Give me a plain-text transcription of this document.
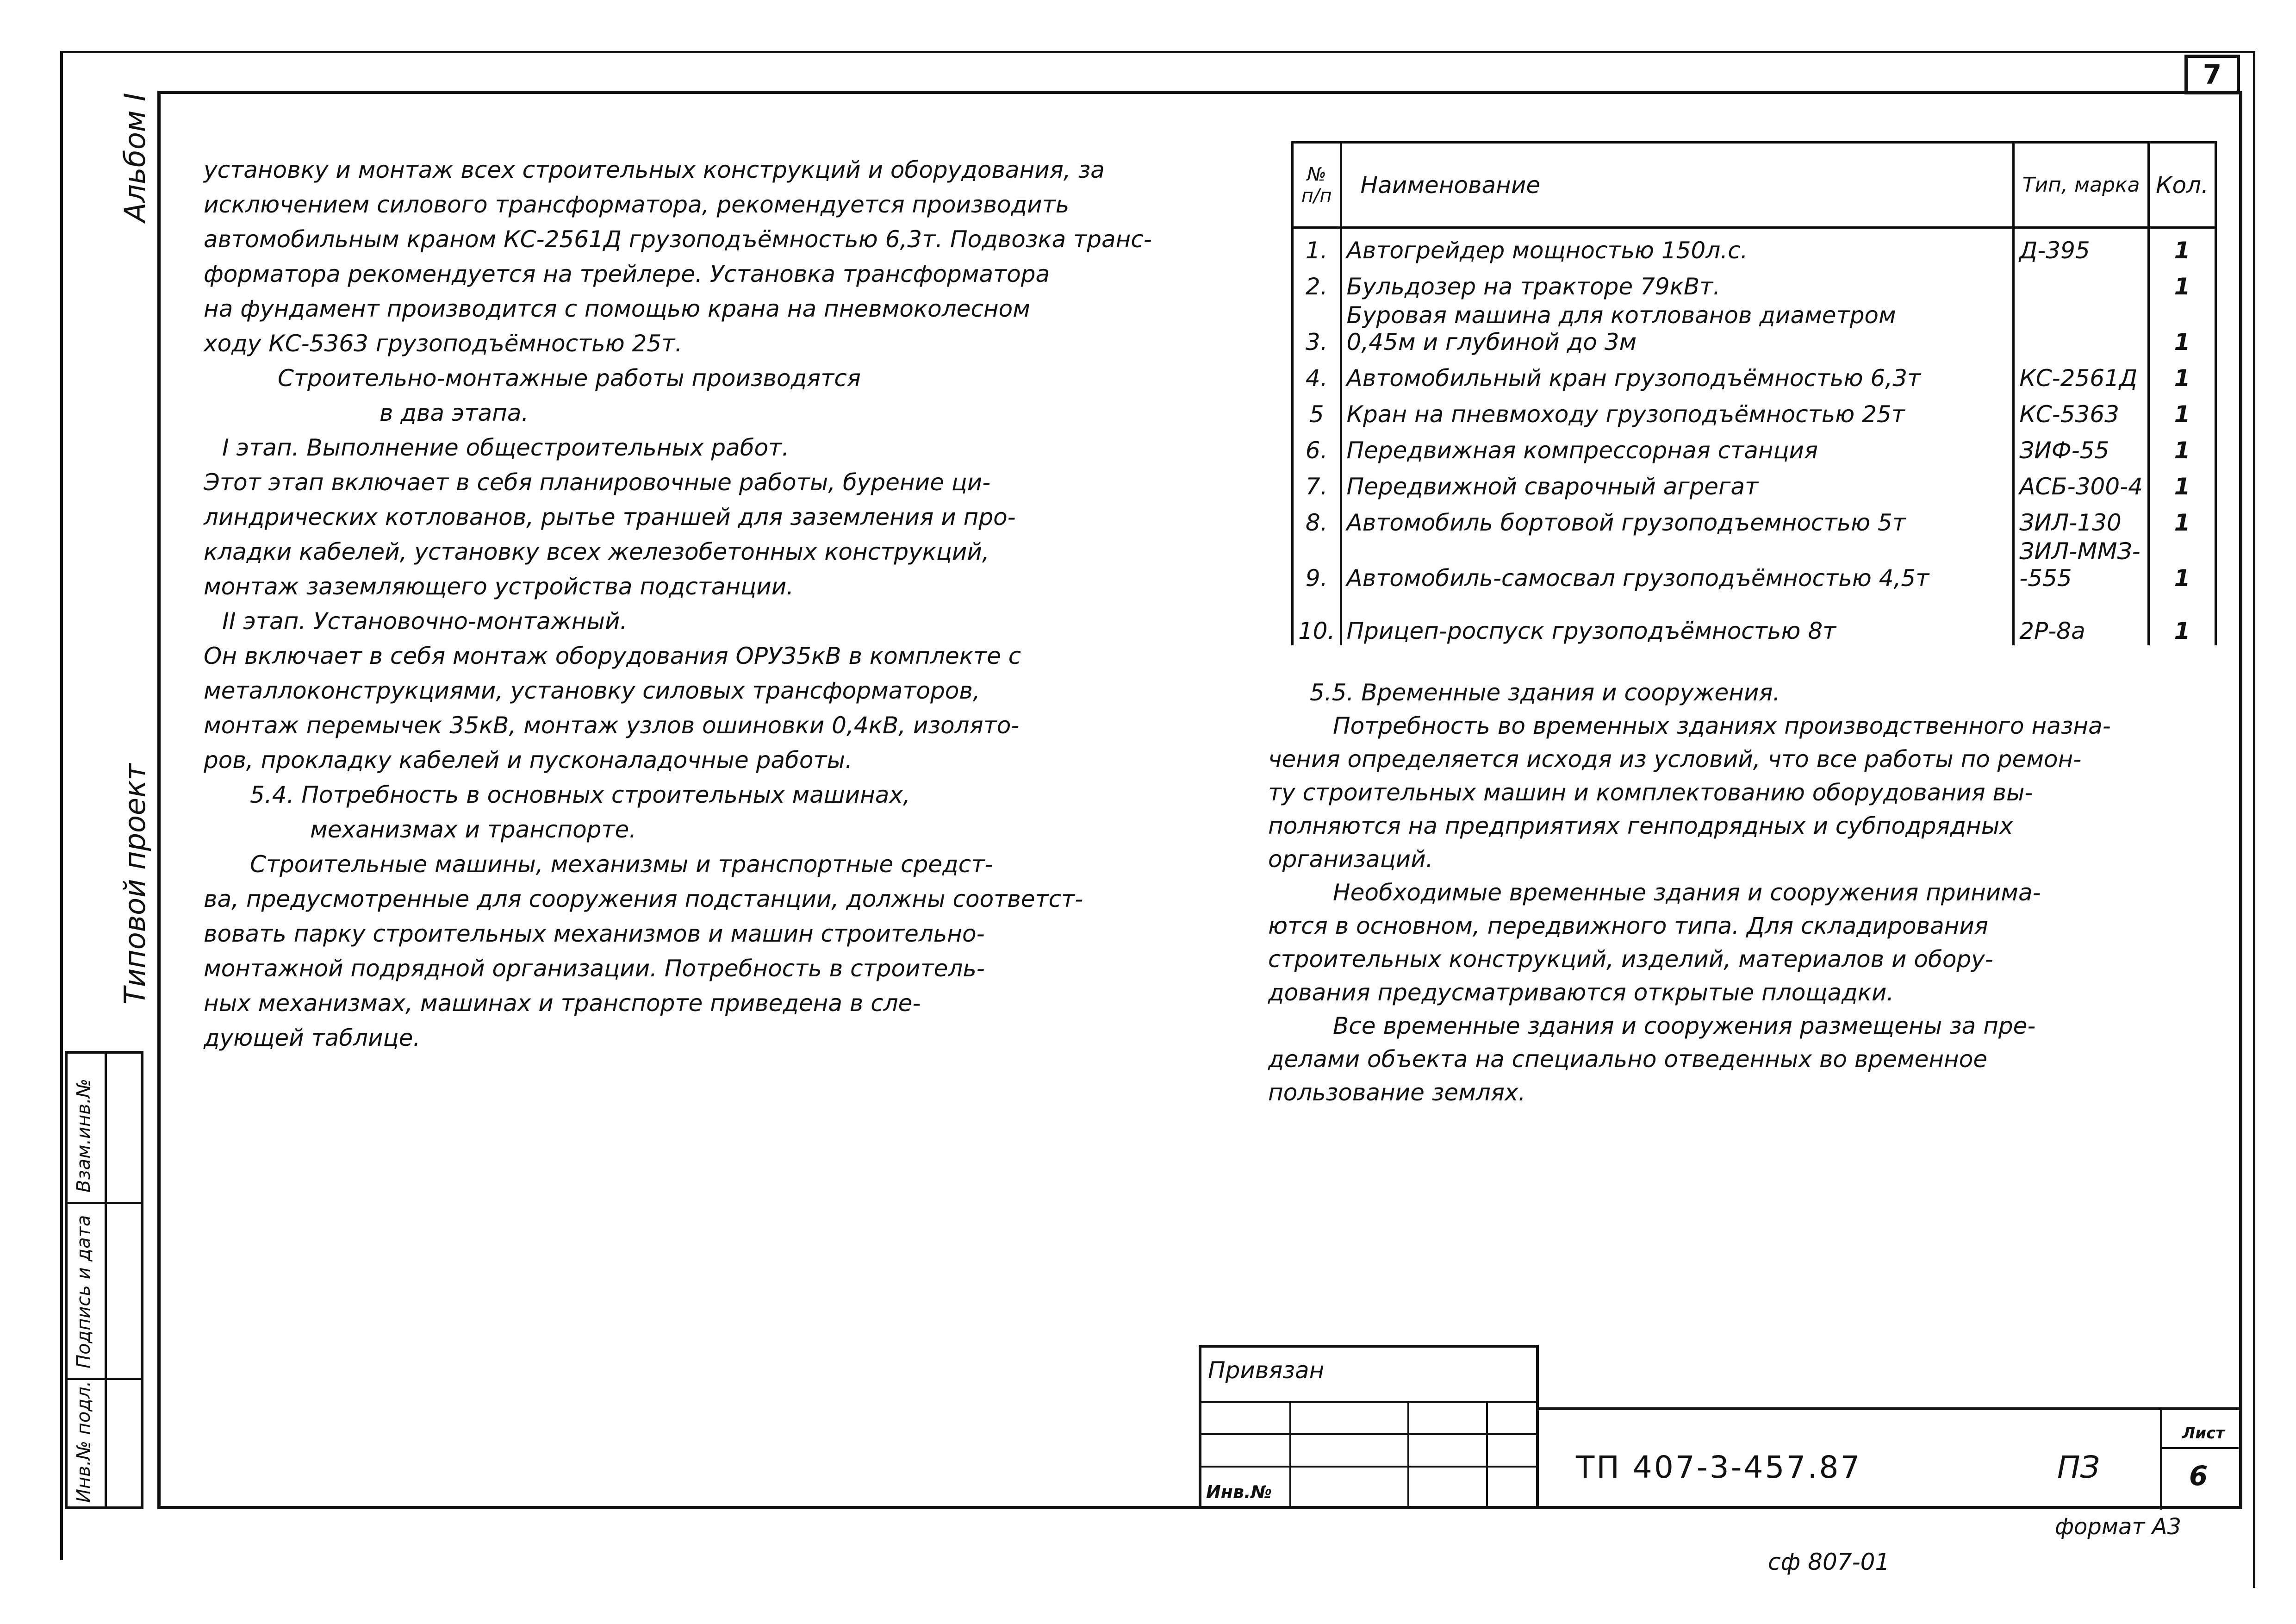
7
Альбом I
Типовой проект
Взам.инв.№
Подпись и дата
Инв.№ подл.

установку и монтаж всех строительных конструкций и оборудования, за

исключением силового трансформатора, рекомендуется производить

автомобильным краном КС-2561Д грузоподъёмностью 6,3т. Подвозка транс-

форматора рекомендуется на трейлере. Установка трансформатора

на фундамент производится с помощью крана на пневмоколесном

ходу КС-5363 грузоподъёмностью 25т.

Строительно-монтажные работы производятся

в два этапа.

I этап. Выполнение общестроительных работ.

Этот этап включает в себя планировочные работы, бурение ци-

линдрических котлованов, рытье траншей для заземления и про-

кладки кабелей, установку всех железобетонных конструкций,

монтаж заземляющего устройства подстанции.

II этап. Установочно-монтажный.

Он включает в себя монтаж оборудования ОРУ35кВ в комплекте с

металлоконструкциями, установку силовых трансформаторов,

монтаж перемычек 35кВ, монтаж узлов ошиновки 0,4кВ, изолято-

ров, прокладку кабелей и пусконаладочные работы.

5.4. Потребность в основных строительных машинах,

механизмах и транспорте.

Строительные машины, механизмы и транспортные средст-

ва, предусмотренные для сооружения подстанции, должны соответст-

вовать парку строительных механизмов и машин строительно-

монтажной подрядной организации. Потребность в строитель-

ных механизмах, машинах и транспорте приведена в сле-

дующей таблице.

№ п/п	Наименование	Тип, марка	Кол.
1.	Автогрейдер мощностью 150л.с.	Д-395	1
2.	Бульдозер на тракторе 79кВт.		1
3.	Буровая машина для котлованов диаметром
0,45м и глубиной до 3м		1
4.	Автомобильный кран грузоподъёмностью 6,3т	КС-2561Д	1
5	Кран на пневмоходу грузоподъёмностью 25т	КС-5363	1
6.	Передвижная компрессорная станция	ЗИФ-55	1
7.	Передвижной сварочный агрегат	АСБ-300-4	1
8.	Автомобиль бортовой грузоподъемностью 5т	ЗИЛ-130	1
9.	Автомобиль-самосвал грузоподъёмностью 4,5т	ЗИЛ-ММЗ-
-555	1
10.	Прицеп-роспуск грузоподъёмностью 8т	2Р-8а	1

5.5. Временные здания и сооружения.

Потребность во временных зданиях производственного назна-

чения определяется исходя из условий, что все работы по ремон-

ту строительных машин и комплектованию оборудования вы-

полняются на предприятиях генподрядных и субподрядных

организаций.

Необходимые временные здания и сооружения принима-

ются в основном, передвижного типа. Для складирования

строительных конструкций, изделий, материалов и обору-

дования предусматриваются открытые площадки.

Все временные здания и сооружения размещены за пре-

делами объекта на специально отведенных во временное

пользование землях.

Привязан
Инв.№
ТП 407-3-457.87	ПЗ
Лист
6
формат А3
сф 807-01
